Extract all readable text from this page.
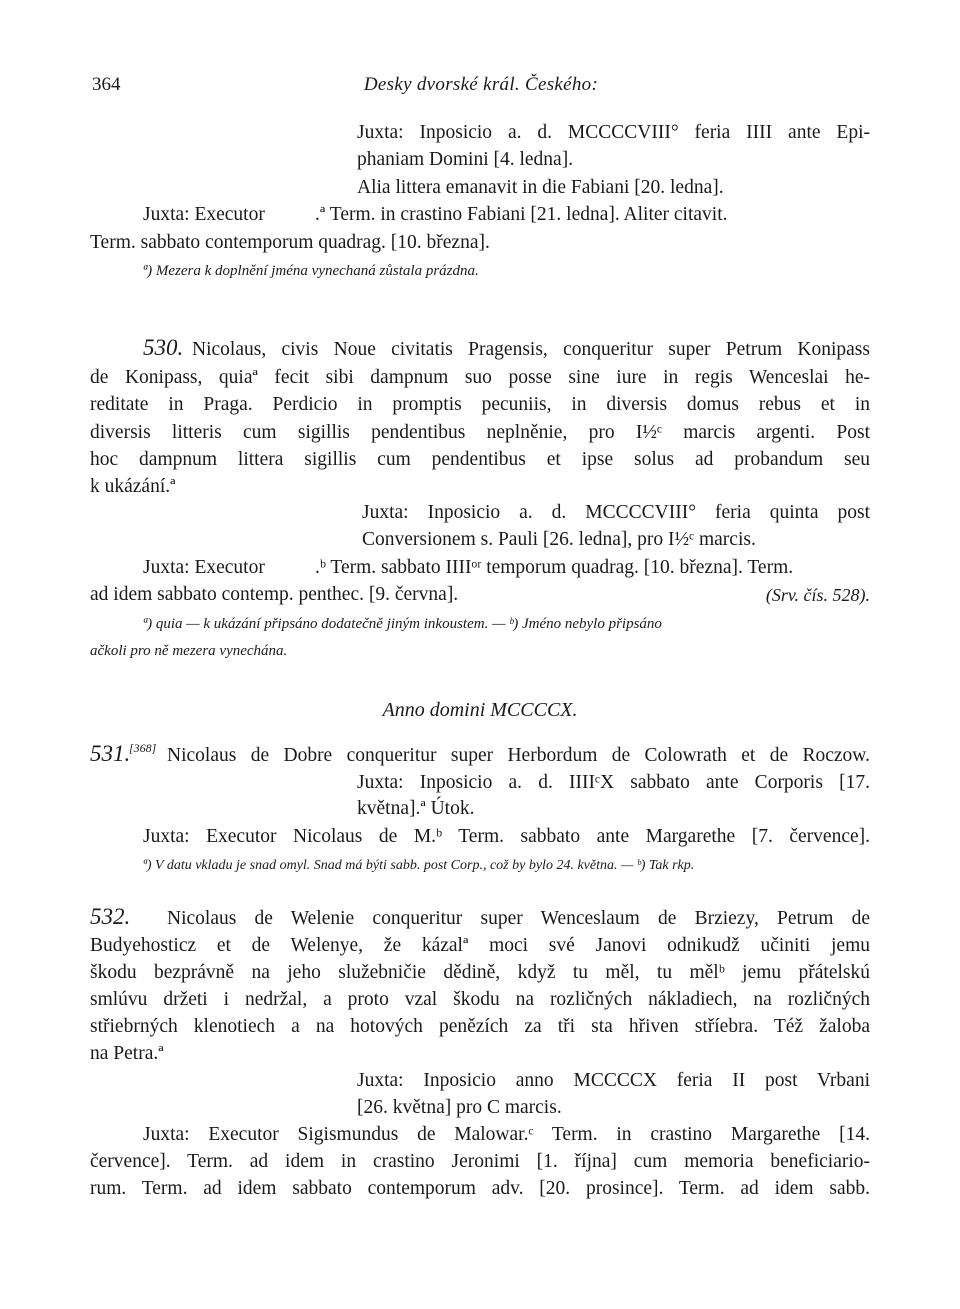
364	Desky dvorské král. Českého:
Juxta: Inposicio a. d. MCCCCVIII° feria IIII ante Epi-
phaniam Domini [4. ledna].
Alia littera emanavit in die Fabiani [20. ledna].
Juxta: Executor	.ª Term. in crastino Fabiani [21. ledna]. Aliter citavit.
Term. sabbato contemporum quadrag. [10. března].
ª) Mezera k doplnění jména vynechaná zůstala prázdna.
530. Nicolaus, civis Noue civitatis Pragensis, conqueritur super Petrum Konipass
de Konipass, quiaª fecit sibi dampnum suo posse sine iure in regis Wenceslai he-
reditate in Praga. Perdicio in promptis pecuniis, in diversis domus rebus et in
diversis litteris cum sigillis pendentibus neplněnie, pro I½ᶜ marcis argenti. Post
hoc dampnum littera sigillis cum pendentibus et ipse solus ad probandum seu
k ukázání.ª
Juxta: Inposicio a. d. MCCCCVIII° feria quinta post
Conversionem s. Pauli [26. ledna], pro I½ᶜ marcis.
Juxta: Executor	.ᵇ Term. sabbato IIIIᵒʳ temporum quadrag. [10. března]. Term.
ad idem sabbato contemp. penthec. [9. června].	(Srv. čís. 528).
ª) quia — k ukázání připsáno dodatečně jiným inkoustem. — ᵇ) Jméno nebylo připsáno
ačkoli pro ně mezera vynechána.
Anno domini MCCCCX.
531.
[368] Nicolaus de Dobre conqueritur super Herbordum de Colowrath et de Roczow.
Juxta: Inposicio a. d. IIIIᶜX sabbato ante Corporis [17.
května].ª Útok.
Juxta: Executor Nicolaus de M.ᵇ Term. sabbato ante Margarethe [7. července].
ª) V datu vkladu je snad omyl. Snad má býti sabb. post Corp., což by bylo 24. května. — ᵇ) Tak rkp.
532. Nicolaus de Welenie conqueritur super Wenceslaum de Brziezy, Petrum de
Budyehosticz et de Welenye, že kázalª moci své Janovi odnikudž učiniti jemu
škodu bezprávně na jeho služebničie dědině, když tu měl, tu mělᵇ jemu přátelskú
smlúvu držeti i nedržal, a proto vzal škodu na rozličných nákladiech, na rozličných
střiebrných klenotiech a na hotových penězích za tři sta hřiven stříebra. Též žaloba
na Petra.ª
Juxta: Inposicio anno MCCCCX feria II post Vrbani
[26. května] pro C marcis.
Juxta: Executor Sigismundus de Malowar.ᶜ Term. in crastino Margarethe [14.
července]. Term. ad idem in crastino Jeronimi [1. října] cum memoria beneficiario-
rum. Term. ad idem sabbato contemporum adv. [20. prosince]. Term. ad idem sabb.
